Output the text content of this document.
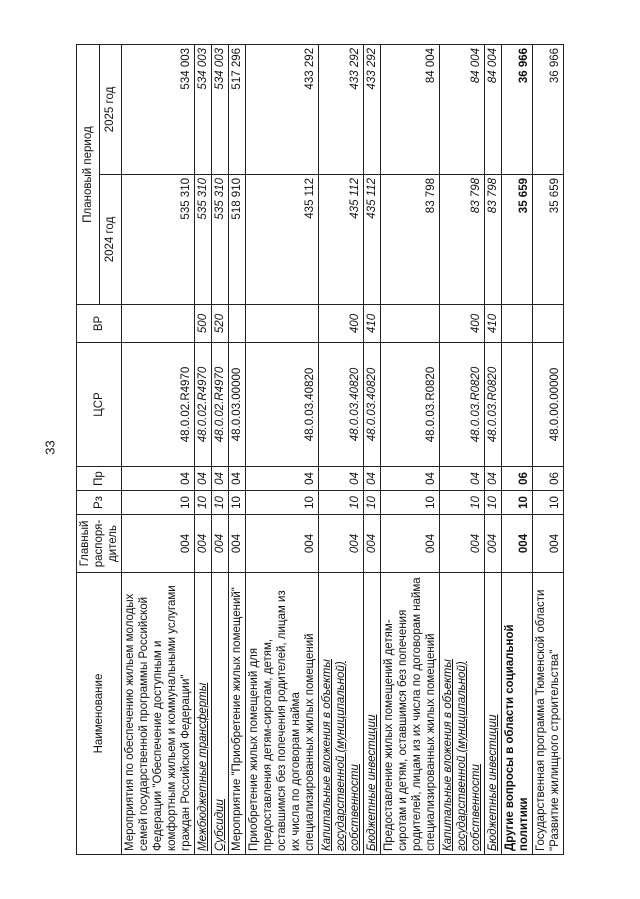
33
Наименование	Главный распоря-дитель	Рз	Пр	ЦСР	ВР	Плановый период	
						2024 год	2025 год
Мероприятия по обеспечению жильем молодых семей государственной программы Российской Федерации "Обеспечение доступным и комфортным жильем и коммунальными услугами граждан Российской Федерации"	004	10	04	48.0.02.R4970		535 310	534 003
Межбюджетные трансферты	004	10	04	48.0.02.R4970	500	535 310	534 003
Субсидии	004	10	04	48.0.02.R4970	520	535 310	534 003
Мероприятие "Приобретение жилых помещений"	004	10	04	48.0.03.00000		518 910	517 296
Приобретение жилых помещений для предоставления детям-сиротам, детям, оставшимся без попечения родителей, лицам из их числа по договорам найма специализированных жилых помещений	004	10	04	48.0.03.40820		435 112	433 292
Капитальные вложения в объекты государственной (муниципальной) собственности	004	10	04	48.0.03.40820	400	435 112	433 292
Бюджетные инвестиции	004	10	04	48.0.03.40820	410	435 112	433 292
Предоставление жилых помещений детям-сиротам и детям, оставшимся без попечения родителей, лицам из их числа по договорам найма специализированных жилых помещений	004	10	04	48.0.03.R0820		83 798	84 004
Капитальные вложения в объекты государственной (муниципальной) собственности	004	10	04	48.0.03.R0820	400	83 798	84 004
Бюджетные инвестиции	004	10	04	48.0.03.R0820	410	83 798	84 004
Другие вопросы в области социальной политики	004	10	06			35 659	36 966
Государственная программа Тюменской области "Развитие жилищного строительства"	004	10	06	48.0.00.00000		35 659	36 966
